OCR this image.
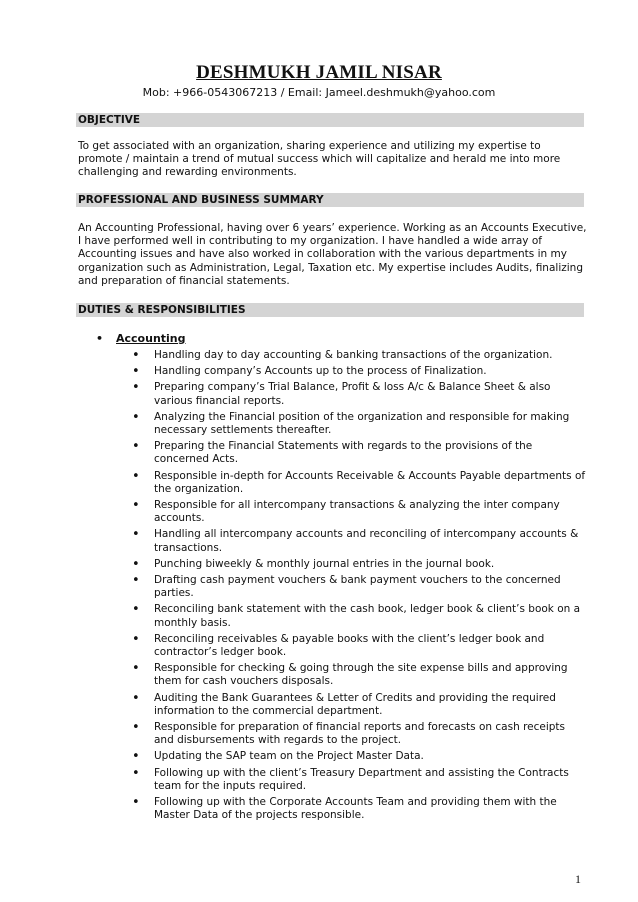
DESHMUKH JAMIL NISAR
Mob: +966-0543067213 / Email: Jameel.deshmukh@yahoo.com
OBJECTIVE
To get associated with an organization, sharing experience and utilizing my expertise to promote / maintain a trend of mutual success which will capitalize and herald me into more challenging and rewarding environments.
PROFESSIONAL AND BUSINESS SUMMARY
An Accounting Professional, having over 6 years’ experience. Working as an Accounts Executive, I have performed well in contributing to my organization. I have handled a wide array of Accounting issues and have also worked in collaboration with the various departments in my organization such as Administration, Legal, Taxation etc. My expertise includes Audits, finalizing and preparation of financial statements.
DUTIES & RESPONSIBILITIES
• Accounting
• Handling day to day accounting & banking transactions of the organization.
• Handling company’s Accounts up to the process of Finalization.
• Preparing company’s Trial Balance, Profit & loss A/c & Balance Sheet & also various financial reports.
• Analyzing the Financial position of the organization and responsible for making necessary settlements thereafter.
• Preparing the Financial Statements with regards to the provisions of the concerned Acts.
• Responsible in-depth for Accounts Receivable & Accounts Payable departments of the organization.
• Responsible for all intercompany transactions & analyzing the inter company accounts.
• Handling all intercompany accounts and reconciling of intercompany accounts & transactions.
• Punching biweekly & monthly journal entries in the journal book.
• Drafting cash payment vouchers & bank payment vouchers to the concerned parties.
• Reconciling bank statement with the cash book, ledger book & client’s book on a monthly basis.
• Reconciling receivables & payable books with the client’s ledger book and contractor’s ledger book.
• Responsible for checking & going through the site expense bills and approving them for cash vouchers disposals.
• Auditing the Bank Guarantees & Letter of Credits and providing the required information to the commercial department.
• Responsible for preparation of financial reports and forecasts on cash receipts and disbursements with regards to the project.
• Updating the SAP team on the Project Master Data.
• Following up with the client’s Treasury Department and assisting the Contracts team for the inputs required.
• Following up with the Corporate Accounts Team and providing them with the Master Data of the projects responsible.
1
